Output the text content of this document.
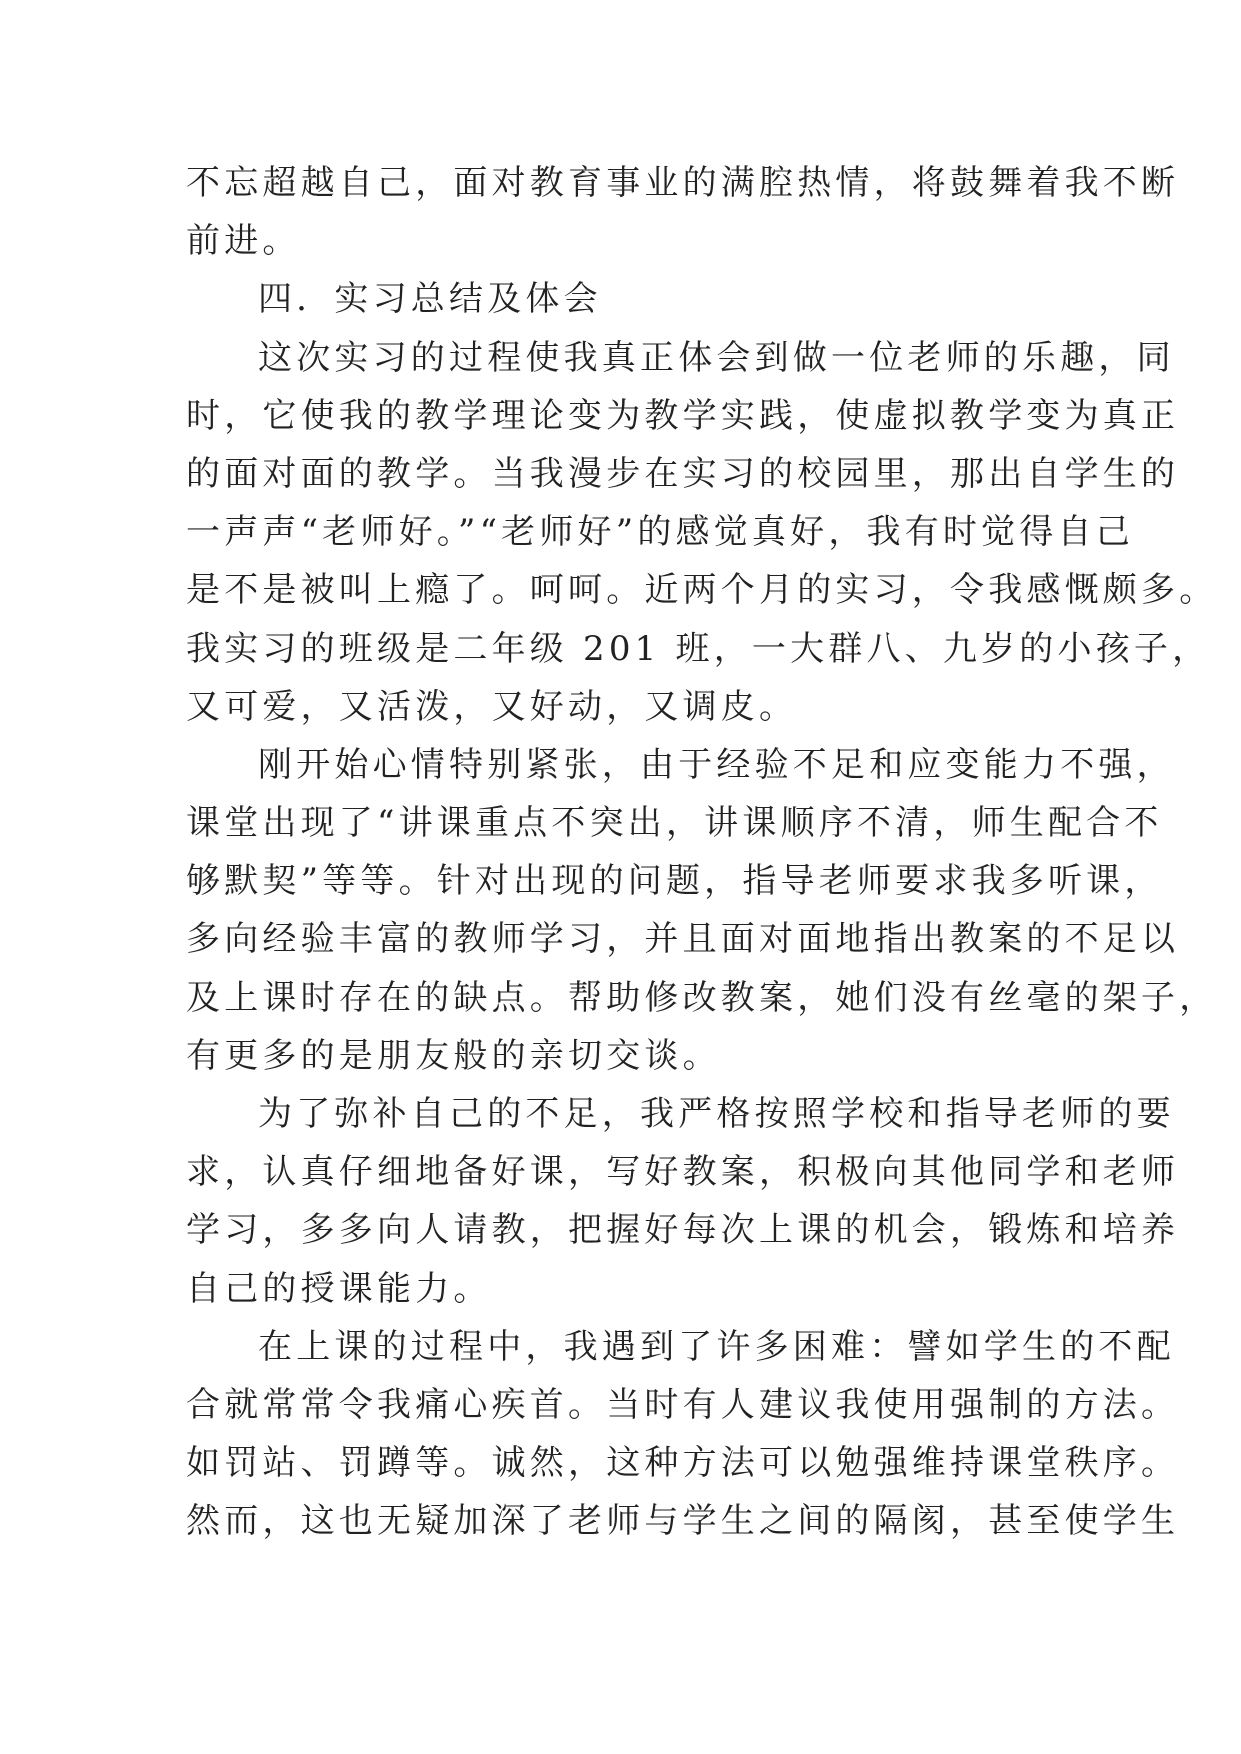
不忘超越自己，面对教育事业的满腔热情，将鼓舞着我不断
前进。
四．实习总结及体会
这次实习的过程使我真正体会到做一位老师的乐趣，同
时，它使我的教学理论变为教学实践，使虚拟教学变为真正
的面对面的教学。当我漫步在实习的校园里，那出自学生的
一声声“老师好。”“老师好”的感觉真好，我有时觉得自己
是不是被叫上瘾了。呵呵。近两个月的实习，令我感慨颇多。
我实习的班级是二年级 201 班，一大群八、九岁的小孩子，
又可爱，又活泼，又好动，又调皮。
刚开始心情特别紧张，由于经验不足和应变能力不强，
课堂出现了“讲课重点不突出，讲课顺序不清，师生配合不
够默契”等等。针对出现的问题，指导老师要求我多听课，
多向经验丰富的教师学习，并且面对面地指出教案的不足以
及上课时存在的缺点。帮助修改教案，她们没有丝毫的架子，
有更多的是朋友般的亲切交谈。
为了弥补自己的不足，我严格按照学校和指导老师的要
求，认真仔细地备好课，写好教案，积极向其他同学和老师
学习，多多向人请教，把握好每次上课的机会，锻炼和培养
自己的授课能力。
在上课的过程中，我遇到了许多困难：譬如学生的不配
合就常常令我痛心疾首。当时有人建议我使用强制的方法。
如罚站、罚蹲等。诚然，这种方法可以勉强维持课堂秩序。
然而，这也无疑加深了老师与学生之间的隔阂，甚至使学生
